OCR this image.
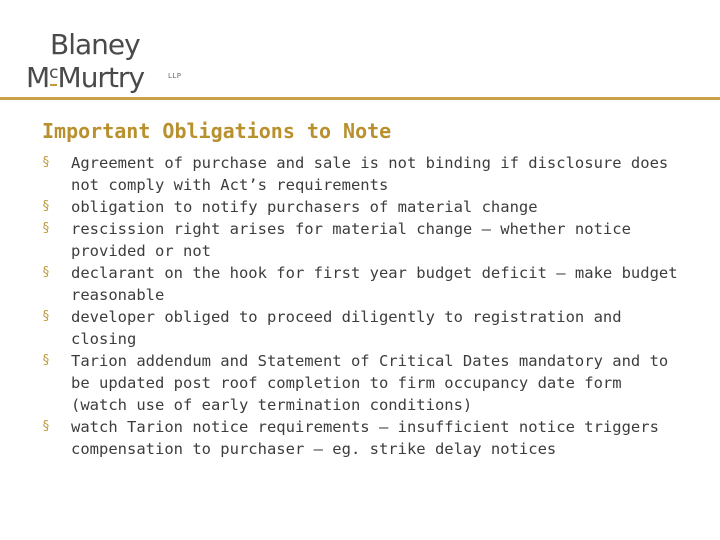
Blaney
$M^cMurtry$	LLP
Important Obligations to Note
§	Agreement of purchase and sale is not binding if disclosure does not comply with Act’s requirements
§	obligation to notify purchasers of material change
§	rescission right arises for material change – whether notice provided or not
§	declarant on the hook for first year budget deficit – make budget reasonable
§	developer obliged to proceed diligently to registration and closing
§	Tarion addendum and Statement of Critical Dates mandatory and to be updated post roof completion to firm occupancy date form (watch use of early termination conditions)
§	watch Tarion notice requirements – insufficient notice triggers compensation to purchaser – eg. strike delay notices
